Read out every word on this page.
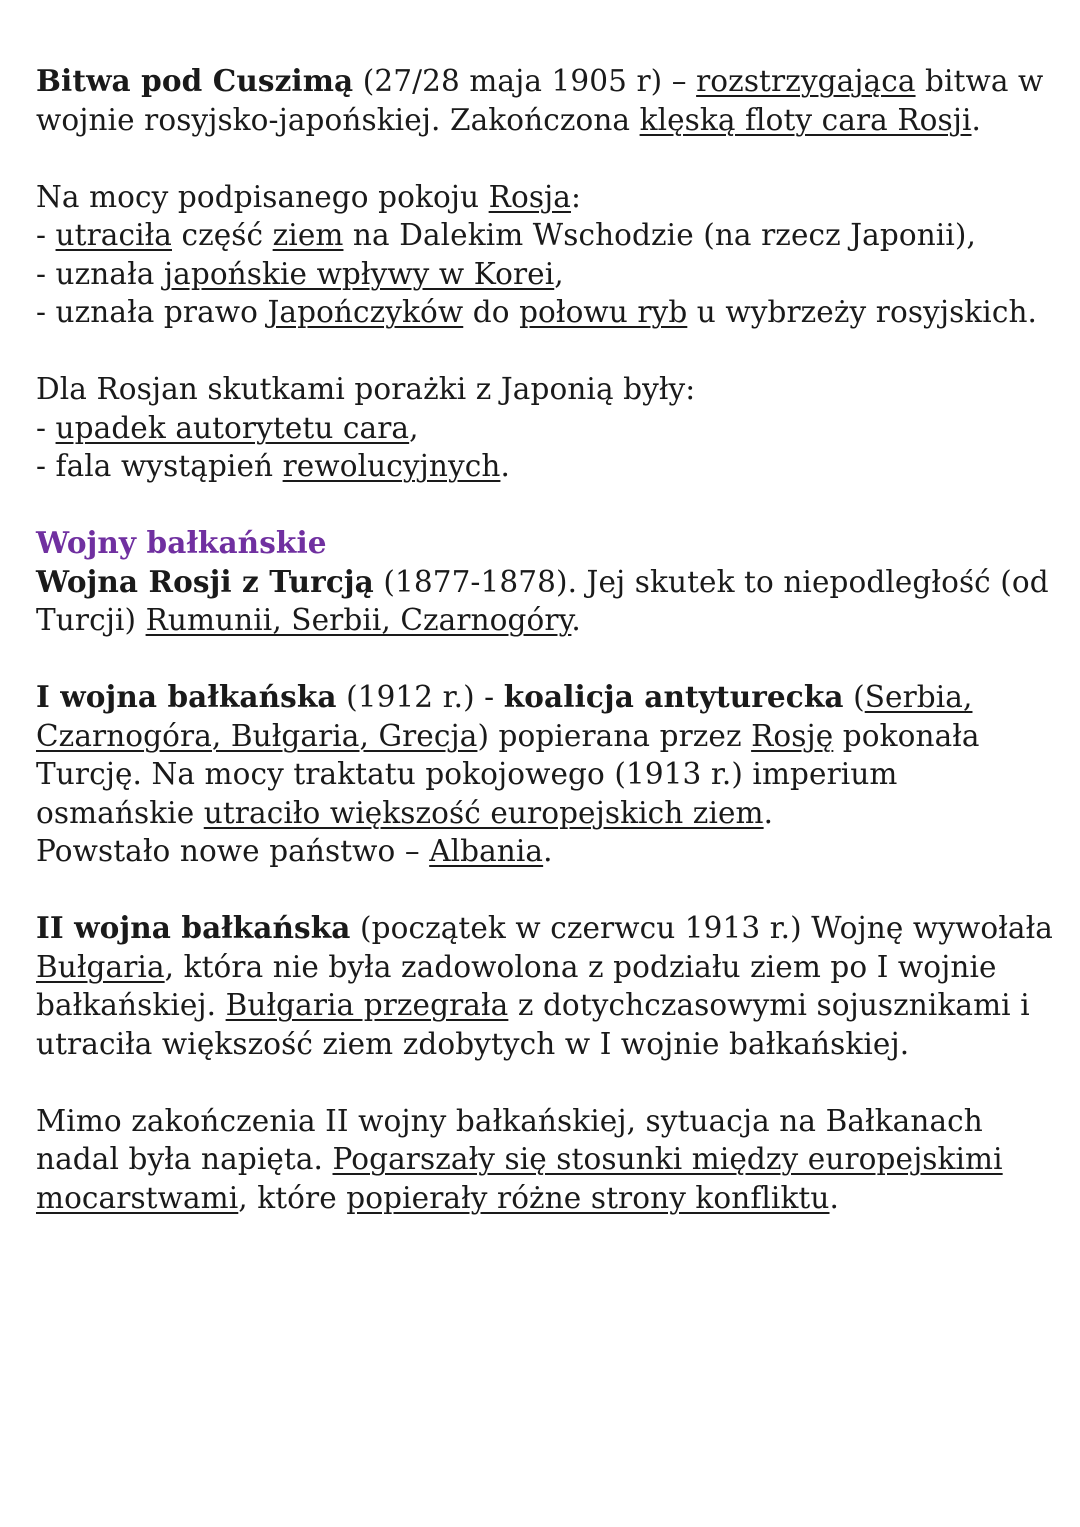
Bitwa pod Cuszimą (27/28 maja 1905 r) – rozstrzygająca bitwa w wojnie rosyjsko-japońskiej. Zakończona klęską floty cara Rosji.

Na mocy podpisanego pokoju Rosja:

- utraciła część ziem na Dalekim Wschodzie (na rzecz Japonii),

- uznała japońskie wpływy w Korei,

- uznała prawo Japończyków do połowu ryb u wybrzeży rosyjskich.

Dla Rosjan skutkami porażki z Japonią były:

- upadek autorytetu cara,

- fala wystąpień rewolucyjnych.

Wojny bałkańskie

Wojna Rosji z Turcją (1877-1878). Jej skutek to niepodległość (od Turcji) Rumunii, Serbii, Czarnogóry.

I wojna bałkańska (1912 r.) - koalicja antyturecka (Serbia, Czarnogóra, Bułgaria, Grecja) popierana przez Rosję pokonała Turcję. Na mocy traktatu pokojowego (1913 r.) imperium osmańskie utraciło większość europejskich ziem.

Powstało nowe państwo – Albania.

II wojna bałkańska (początek w czerwcu 1913 r.) Wojnę wywołała Bułgaria, która nie była zadowolona z podziału ziem po I wojnie bałkańskiej. Bułgaria przegrała z dotychczasowymi sojusznikami i utraciła większość ziem zdobytych w I wojnie bałkańskiej.

Mimo zakończenia II wojny bałkańskiej, sytuacja na Bałkanach nadal była napięta. Pogarszały się stosunki między europejskimi mocarstwami, które popierały różne strony konfliktu.
